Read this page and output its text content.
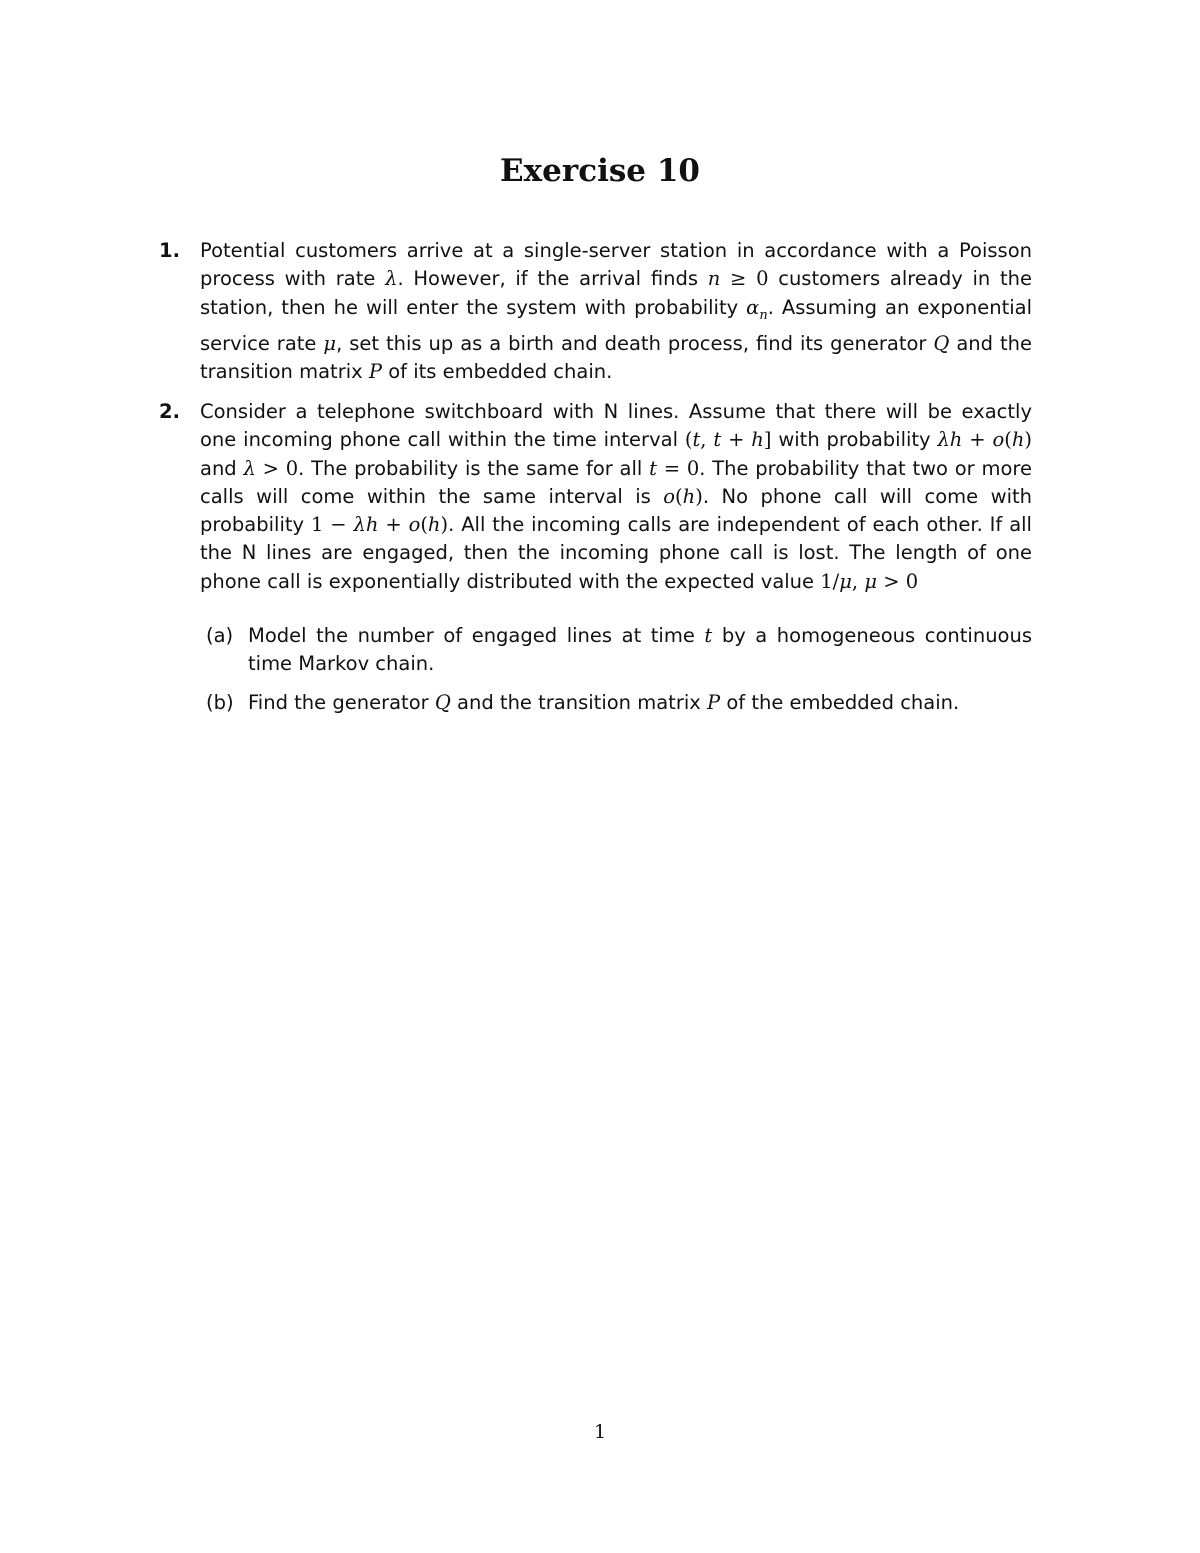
Exercise 10
1. Potential customers arrive at a single-server station in accordance with a Poisson process with rate λ. However, if the arrival finds n ≥ 0 customers already in the station, then he will enter the system with probability $\alpha_n$. Assuming an exponential service rate μ, set this up as a birth and death process, find its generator Q and the transition matrix P of its embedded chain.
2. Consider a telephone switchboard with N lines. Assume that there will be exactly one incoming phone call within the time interval (t, t + h] with probability λh + o(h) and λ > 0. The probability is the same for all t = 0. The probability that two or more calls will come within the same interval is o(h). No phone call will come with probability 1 − λh + o(h). All the incoming calls are independent of each other. If all the N lines are engaged, then the incoming phone call is lost. The length of one phone call is exponentially distributed with the expected value 1/μ, μ > 0
(a) Model the number of engaged lines at time t by a homogeneous continuous time Markov chain.
(b) Find the generator Q and the transition matrix P of the embedded chain.
1
